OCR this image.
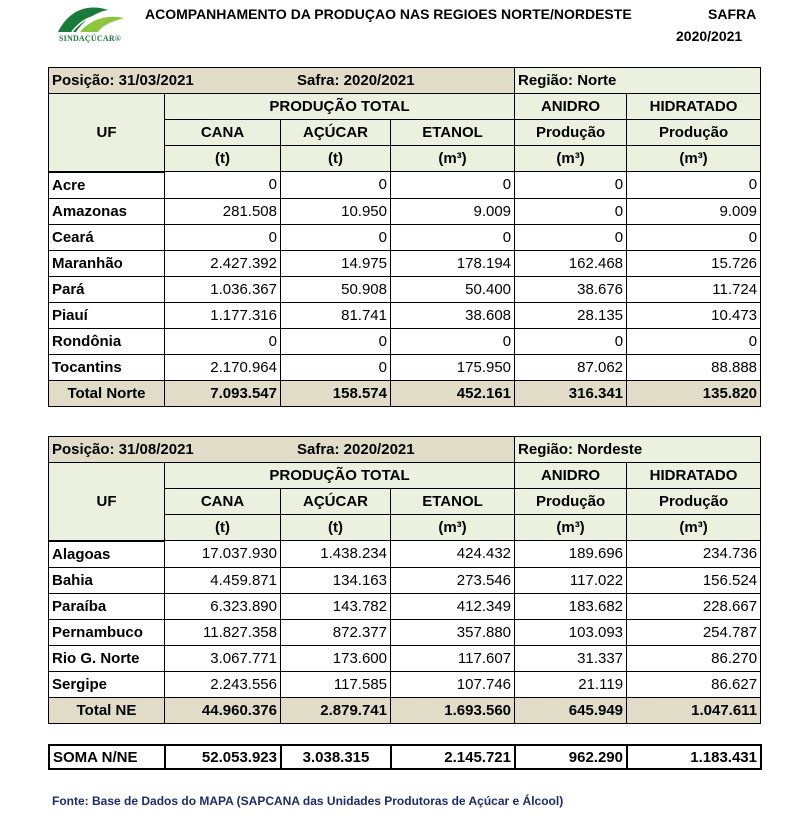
SINDAÇÚCAR®
ACOMPANHAMENTO DA PRODUÇAO NAS REGIOES NORTE/NORDESTE	SAFRA
2020/2021
Posição: 31/03/2021 Safra: 2020/2021				Região: Norte	
UF	PRODUÇÃO TOTAL			ANIDRO	HIDRATADO
	CANA	AÇÚCAR	ETANOL	Produção	Produção
	(t)	(t)	(m³)	(m³)	(m³)
Acre	0	0	0	0	0
Amazonas	281.508	10.950	9.009	0	9.009
Ceará	0	0	0	0	0
Maranhão	2.427.392	14.975	178.194	162.468	15.726
Pará	1.036.367	50.908	50.400	38.676	11.724
Piauí	1.177.316	81.741	38.608	28.135	10.473
Rondônia	0	0	0	0	0
Tocantins	2.170.964	0	175.950	87.062	88.888
Total Norte	7.093.547	158.574	452.161	316.341	135.820
Posição: 31/08/2021 Safra: 2020/2021				Região: Nordeste	
UF	PRODUÇÃO TOTAL			ANIDRO	HIDRATADO
	CANA	AÇÚCAR	ETANOL	Produção	Produção
	(t)	(t)	(m³)	(m³)	(m³)
Alagoas	17.037.930	1.438.234	424.432	189.696	234.736
Bahia	4.459.871	134.163	273.546	117.022	156.524
Paraíba	6.323.890	143.782	412.349	183.682	228.667
Pernambuco	11.827.358	872.377	357.880	103.093	254.787
Rio G. Norte	3.067.771	173.600	117.607	31.337	86.270
Sergipe	2.243.556	117.585	107.746	21.119	86.627
Total NE	44.960.376	2.879.741	1.693.560	645.949	1.047.611
SOMA N/NE	52.053.923	3.038.315	2.145.721	962.290	1.183.431
Fonte: Base de Dados do MAPA (SAPCANA das Unidades Produtoras de Açúcar e Álcool)
